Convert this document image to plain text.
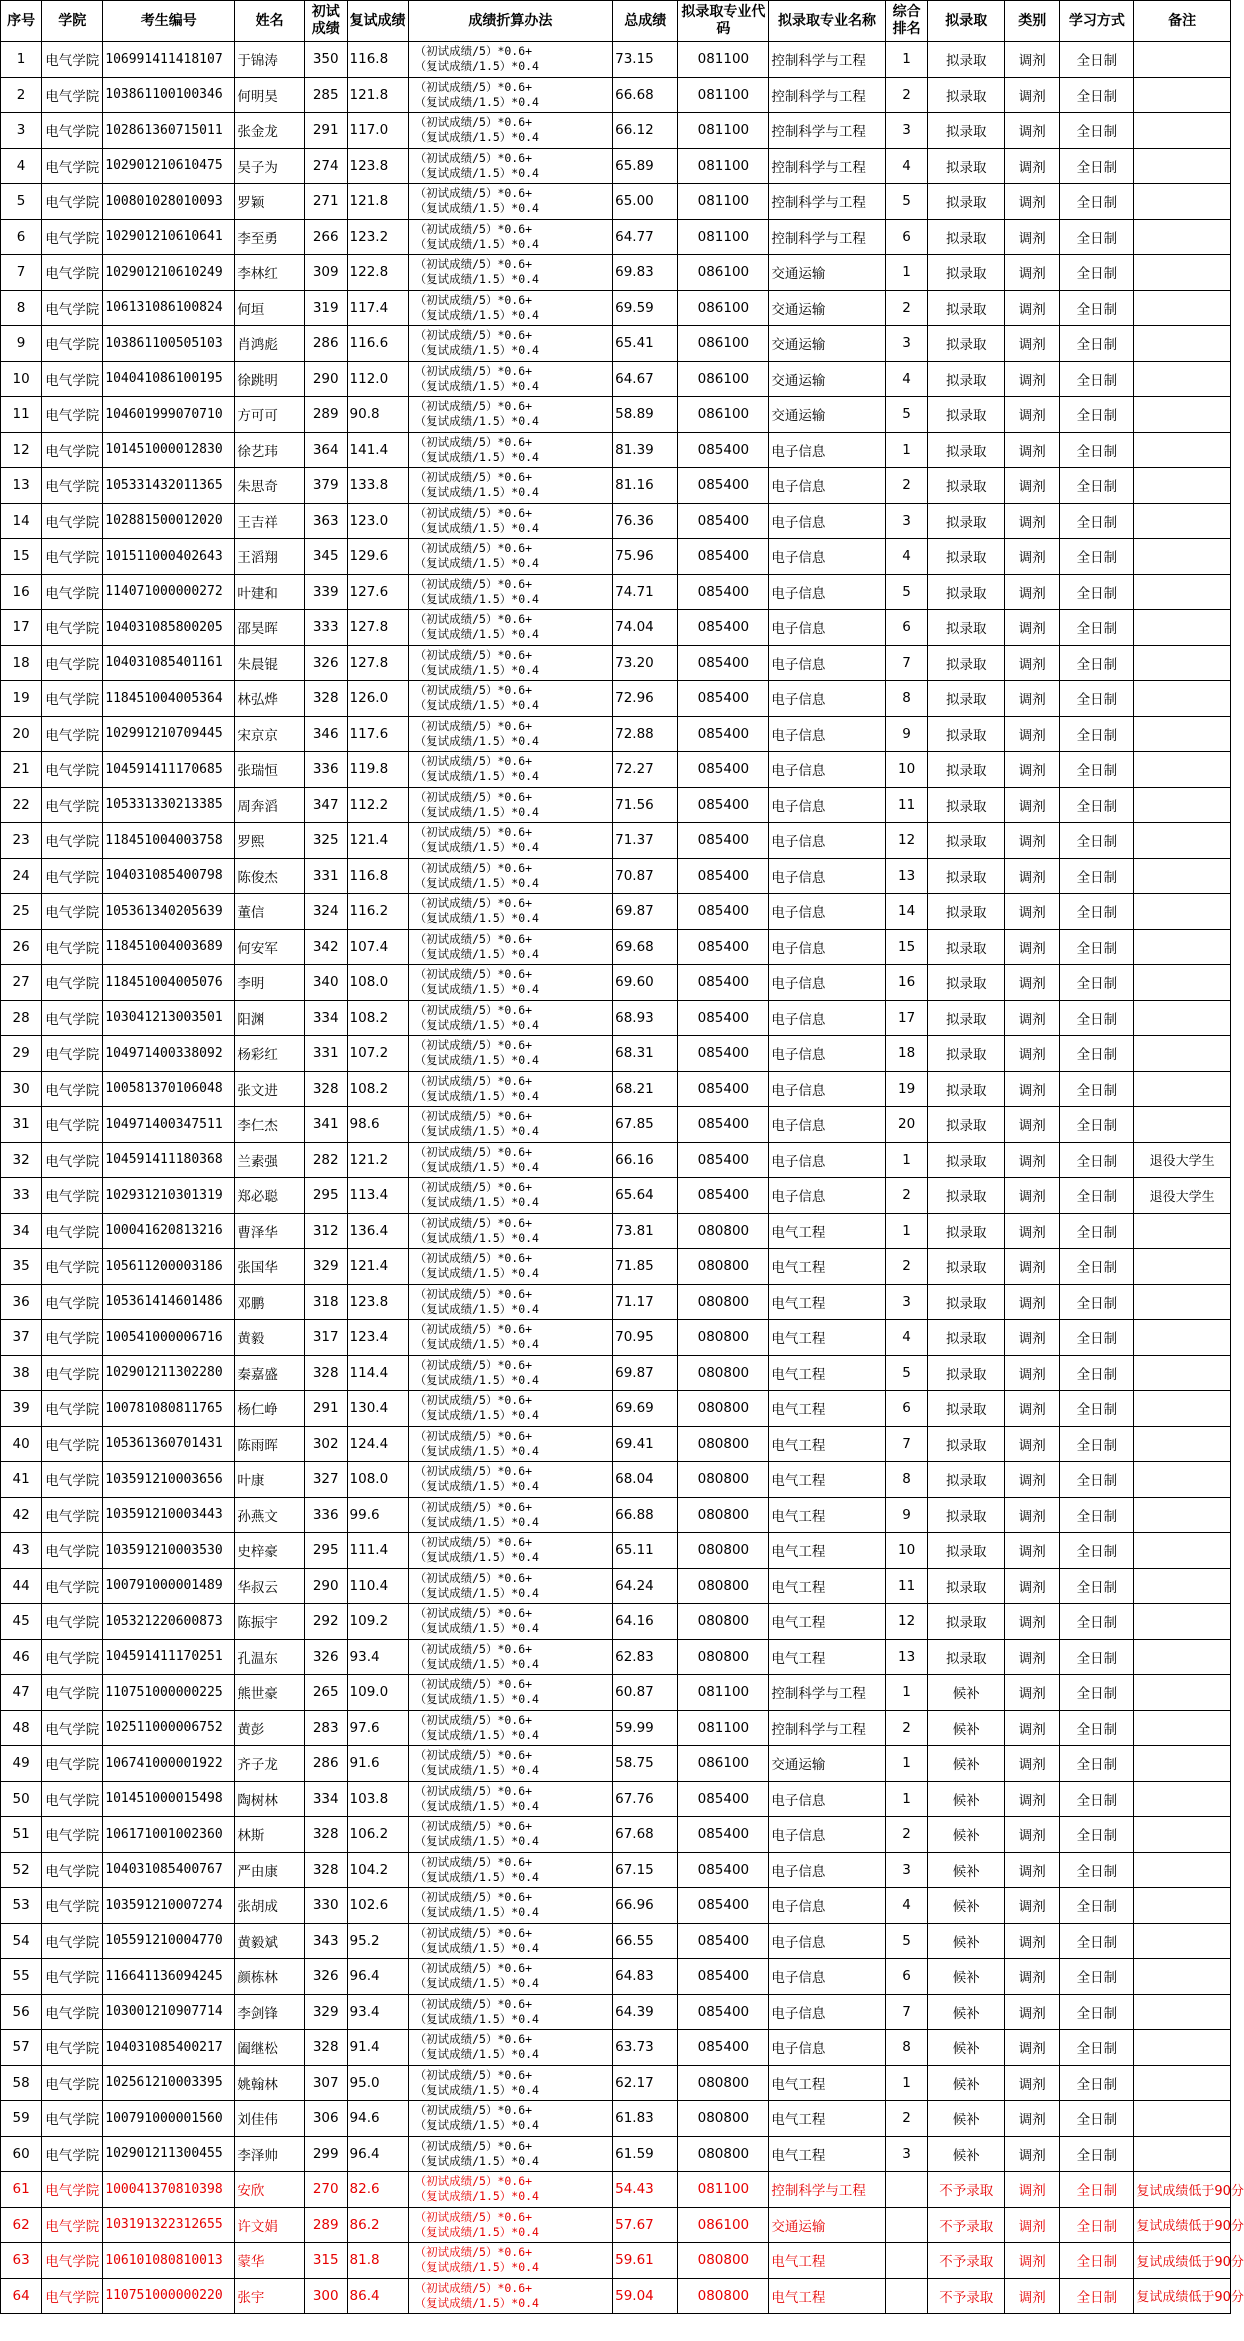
序号	学院	考生编号	姓名	初试成绩	复试成绩	成绩折算办法	总成绩	拟录取专业代码	拟录取专业名称	综合排名	拟录取	类别	学习方式	备注
1	电气学院	106991411418107	于锦涛	350	116.8	（初试成绩/5）*0.6+
（复试成绩/1.5）*0.4	73.15	081100	控制科学与工程	1	拟录取	调剂	全日制	
2	电气学院	103861100100346	何明昊	285	121.8	（初试成绩/5）*0.6+
（复试成绩/1.5）*0.4	66.68	081100	控制科学与工程	2	拟录取	调剂	全日制	
3	电气学院	102861360715011	张金龙	291	117.0	（初试成绩/5）*0.6+
（复试成绩/1.5）*0.4	66.12	081100	控制科学与工程	3	拟录取	调剂	全日制	
4	电气学院	102901210610475	吴子为	274	123.8	（初试成绩/5）*0.6+
（复试成绩/1.5）*0.4	65.89	081100	控制科学与工程	4	拟录取	调剂	全日制	
5	电气学院	100801028010093	罗颖	271	121.8	（初试成绩/5）*0.6+
（复试成绩/1.5）*0.4	65.00	081100	控制科学与工程	5	拟录取	调剂	全日制	
6	电气学院	102901210610641	李至勇	266	123.2	（初试成绩/5）*0.6+
（复试成绩/1.5）*0.4	64.77	081100	控制科学与工程	6	拟录取	调剂	全日制	
7	电气学院	102901210610249	李林红	309	122.8	（初试成绩/5）*0.6+
（复试成绩/1.5）*0.4	69.83	086100	交通运输	1	拟录取	调剂	全日制	
8	电气学院	106131086100824	何垣	319	117.4	（初试成绩/5）*0.6+
（复试成绩/1.5）*0.4	69.59	086100	交通运输	2	拟录取	调剂	全日制	
9	电气学院	103861100505103	肖鸿彪	286	116.6	（初试成绩/5）*0.6+
（复试成绩/1.5）*0.4	65.41	086100	交通运输	3	拟录取	调剂	全日制	
10	电气学院	104041086100195	徐跳明	290	112.0	（初试成绩/5）*0.6+
（复试成绩/1.5）*0.4	64.67	086100	交通运输	4	拟录取	调剂	全日制	
11	电气学院	104601999070710	方可可	289	90.8	（初试成绩/5）*0.6+
（复试成绩/1.5）*0.4	58.89	086100	交通运输	5	拟录取	调剂	全日制	
12	电气学院	101451000012830	徐艺玮	364	141.4	（初试成绩/5）*0.6+
（复试成绩/1.5）*0.4	81.39	085400	电子信息	1	拟录取	调剂	全日制	
13	电气学院	105331432011365	朱思奇	379	133.8	（初试成绩/5）*0.6+
（复试成绩/1.5）*0.4	81.16	085400	电子信息	2	拟录取	调剂	全日制	
14	电气学院	102881500012020	王吉祥	363	123.0	（初试成绩/5）*0.6+
（复试成绩/1.5）*0.4	76.36	085400	电子信息	3	拟录取	调剂	全日制	
15	电气学院	101511000402643	王滔翔	345	129.6	（初试成绩/5）*0.6+
（复试成绩/1.5）*0.4	75.96	085400	电子信息	4	拟录取	调剂	全日制	
16	电气学院	114071000000272	叶建和	339	127.6	（初试成绩/5）*0.6+
（复试成绩/1.5）*0.4	74.71	085400	电子信息	5	拟录取	调剂	全日制	
17	电气学院	104031085800205	邵昊晖	333	127.8	（初试成绩/5）*0.6+
（复试成绩/1.5）*0.4	74.04	085400	电子信息	6	拟录取	调剂	全日制	
18	电气学院	104031085401161	朱晨锟	326	127.8	（初试成绩/5）*0.6+
（复试成绩/1.5）*0.4	73.20	085400	电子信息	7	拟录取	调剂	全日制	
19	电气学院	118451004005364	林弘烨	328	126.0	（初试成绩/5）*0.6+
（复试成绩/1.5）*0.4	72.96	085400	电子信息	8	拟录取	调剂	全日制	
20	电气学院	102991210709445	宋京京	346	117.6	（初试成绩/5）*0.6+
（复试成绩/1.5）*0.4	72.88	085400	电子信息	9	拟录取	调剂	全日制	
21	电气学院	104591411170685	张瑞恒	336	119.8	（初试成绩/5）*0.6+
（复试成绩/1.5）*0.4	72.27	085400	电子信息	10	拟录取	调剂	全日制	
22	电气学院	105331330213385	周奔滔	347	112.2	（初试成绩/5）*0.6+
（复试成绩/1.5）*0.4	71.56	085400	电子信息	11	拟录取	调剂	全日制	
23	电气学院	118451004003758	罗熙	325	121.4	（初试成绩/5）*0.6+
（复试成绩/1.5）*0.4	71.37	085400	电子信息	12	拟录取	调剂	全日制	
24	电气学院	104031085400798	陈俊杰	331	116.8	（初试成绩/5）*0.6+
（复试成绩/1.5）*0.4	70.87	085400	电子信息	13	拟录取	调剂	全日制	
25	电气学院	105361340205639	董信	324	116.2	（初试成绩/5）*0.6+
（复试成绩/1.5）*0.4	69.87	085400	电子信息	14	拟录取	调剂	全日制	
26	电气学院	118451004003689	何安军	342	107.4	（初试成绩/5）*0.6+
（复试成绩/1.5）*0.4	69.68	085400	电子信息	15	拟录取	调剂	全日制	
27	电气学院	118451004005076	李明	340	108.0	（初试成绩/5）*0.6+
（复试成绩/1.5）*0.4	69.60	085400	电子信息	16	拟录取	调剂	全日制	
28	电气学院	103041213003501	阳渊	334	108.2	（初试成绩/5）*0.6+
（复试成绩/1.5）*0.4	68.93	085400	电子信息	17	拟录取	调剂	全日制	
29	电气学院	104971400338092	杨彩红	331	107.2	（初试成绩/5）*0.6+
（复试成绩/1.5）*0.4	68.31	085400	电子信息	18	拟录取	调剂	全日制	
30	电气学院	100581370106048	张文进	328	108.2	（初试成绩/5）*0.6+
（复试成绩/1.5）*0.4	68.21	085400	电子信息	19	拟录取	调剂	全日制	
31	电气学院	104971400347511	李仁杰	341	98.6	（初试成绩/5）*0.6+
（复试成绩/1.5）*0.4	67.85	085400	电子信息	20	拟录取	调剂	全日制	
32	电气学院	104591411180368	兰素强	282	121.2	（初试成绩/5）*0.6+
（复试成绩/1.5）*0.4	66.16	085400	电子信息	1	拟录取	调剂	全日制	退役大学生
33	电气学院	102931210301319	郑必聪	295	113.4	（初试成绩/5）*0.6+
（复试成绩/1.5）*0.4	65.64	085400	电子信息	2	拟录取	调剂	全日制	退役大学生
34	电气学院	100041620813216	曹泽华	312	136.4	（初试成绩/5）*0.6+
（复试成绩/1.5）*0.4	73.81	080800	电气工程	1	拟录取	调剂	全日制	
35	电气学院	105611200003186	张国华	329	121.4	（初试成绩/5）*0.6+
（复试成绩/1.5）*0.4	71.85	080800	电气工程	2	拟录取	调剂	全日制	
36	电气学院	105361414601486	邓鹏	318	123.8	（初试成绩/5）*0.6+
（复试成绩/1.5）*0.4	71.17	080800	电气工程	3	拟录取	调剂	全日制	
37	电气学院	100541000006716	黄毅	317	123.4	（初试成绩/5）*0.6+
（复试成绩/1.5）*0.4	70.95	080800	电气工程	4	拟录取	调剂	全日制	
38	电气学院	102901211302280	秦嘉盛	328	114.4	（初试成绩/5）*0.6+
（复试成绩/1.5）*0.4	69.87	080800	电气工程	5	拟录取	调剂	全日制	
39	电气学院	100781080811765	杨仁峥	291	130.4	（初试成绩/5）*0.6+
（复试成绩/1.5）*0.4	69.69	080800	电气工程	6	拟录取	调剂	全日制	
40	电气学院	105361360701431	陈雨晖	302	124.4	（初试成绩/5）*0.6+
（复试成绩/1.5）*0.4	69.41	080800	电气工程	7	拟录取	调剂	全日制	
41	电气学院	103591210003656	叶康	327	108.0	（初试成绩/5）*0.6+
（复试成绩/1.5）*0.4	68.04	080800	电气工程	8	拟录取	调剂	全日制	
42	电气学院	103591210003443	孙燕文	336	99.6	（初试成绩/5）*0.6+
（复试成绩/1.5）*0.4	66.88	080800	电气工程	9	拟录取	调剂	全日制	
43	电气学院	103591210003530	史梓豪	295	111.4	（初试成绩/5）*0.6+
（复试成绩/1.5）*0.4	65.11	080800	电气工程	10	拟录取	调剂	全日制	
44	电气学院	100791000001489	华叔云	290	110.4	（初试成绩/5）*0.6+
（复试成绩/1.5）*0.4	64.24	080800	电气工程	11	拟录取	调剂	全日制	
45	电气学院	105321220600873	陈振宇	292	109.2	（初试成绩/5）*0.6+
（复试成绩/1.5）*0.4	64.16	080800	电气工程	12	拟录取	调剂	全日制	
46	电气学院	104591411170251	孔温东	326	93.4	（初试成绩/5）*0.6+
（复试成绩/1.5）*0.4	62.83	080800	电气工程	13	拟录取	调剂	全日制	
47	电气学院	110751000000225	熊世豪	265	109.0	（初试成绩/5）*0.6+
（复试成绩/1.5）*0.4	60.87	081100	控制科学与工程	1	候补	调剂	全日制	
48	电气学院	102511000006752	黄彭	283	97.6	（初试成绩/5）*0.6+
（复试成绩/1.5）*0.4	59.99	081100	控制科学与工程	2	候补	调剂	全日制	
49	电气学院	106741000001922	齐子龙	286	91.6	（初试成绩/5）*0.6+
（复试成绩/1.5）*0.4	58.75	086100	交通运输	1	候补	调剂	全日制	
50	电气学院	101451000015498	陶树林	334	103.8	（初试成绩/5）*0.6+
（复试成绩/1.5）*0.4	67.76	085400	电子信息	1	候补	调剂	全日制	
51	电气学院	106171001002360	林斯	328	106.2	（初试成绩/5）*0.6+
（复试成绩/1.5）*0.4	67.68	085400	电子信息	2	候补	调剂	全日制	
52	电气学院	104031085400767	严由康	328	104.2	（初试成绩/5）*0.6+
（复试成绩/1.5）*0.4	67.15	085400	电子信息	3	候补	调剂	全日制	
53	电气学院	103591210007274	张胡成	330	102.6	（初试成绩/5）*0.6+
（复试成绩/1.5）*0.4	66.96	085400	电子信息	4	候补	调剂	全日制	
54	电气学院	105591210004770	黄毅斌	343	95.2	（初试成绩/5）*0.6+
（复试成绩/1.5）*0.4	66.55	085400	电子信息	5	候补	调剂	全日制	
55	电气学院	116641136094245	颜栋林	326	96.4	（初试成绩/5）*0.6+
（复试成绩/1.5）*0.4	64.83	085400	电子信息	6	候补	调剂	全日制	
56	电气学院	103001210907714	李剑锋	329	93.4	（初试成绩/5）*0.6+
（复试成绩/1.5）*0.4	64.39	085400	电子信息	7	候补	调剂	全日制	
57	电气学院	104031085400217	阖继松	328	91.4	（初试成绩/5）*0.6+
（复试成绩/1.5）*0.4	63.73	085400	电子信息	8	候补	调剂	全日制	
58	电气学院	102561210003395	姚翰林	307	95.0	（初试成绩/5）*0.6+
（复试成绩/1.5）*0.4	62.17	080800	电气工程	1	候补	调剂	全日制	
59	电气学院	100791000001560	刘佳伟	306	94.6	（初试成绩/5）*0.6+
（复试成绩/1.5）*0.4	61.83	080800	电气工程	2	候补	调剂	全日制	
60	电气学院	102901211300455	李泽帅	299	96.4	（初试成绩/5）*0.6+
（复试成绩/1.5）*0.4	61.59	080800	电气工程	3	候补	调剂	全日制	
61	电气学院	100041370810398	安欣	270	82.6	（初试成绩/5）*0.6+
（复试成绩/1.5）*0.4	54.43	081100	控制科学与工程		不予录取	调剂	全日制	复试成绩低于90分
62	电气学院	103191322312655	许文娟	289	86.2	（初试成绩/5）*0.6+
（复试成绩/1.5）*0.4	57.67	086100	交通运输		不予录取	调剂	全日制	复试成绩低于90分
63	电气学院	106101080810013	蒙华	315	81.8	（初试成绩/5）*0.6+
（复试成绩/1.5）*0.4	59.61	080800	电气工程		不予录取	调剂	全日制	复试成绩低于90分
64	电气学院	110751000000220	张宇	300	86.4	（初试成绩/5）*0.6+
（复试成绩/1.5）*0.4	59.04	080800	电气工程		不予录取	调剂	全日制	复试成绩低于90分
